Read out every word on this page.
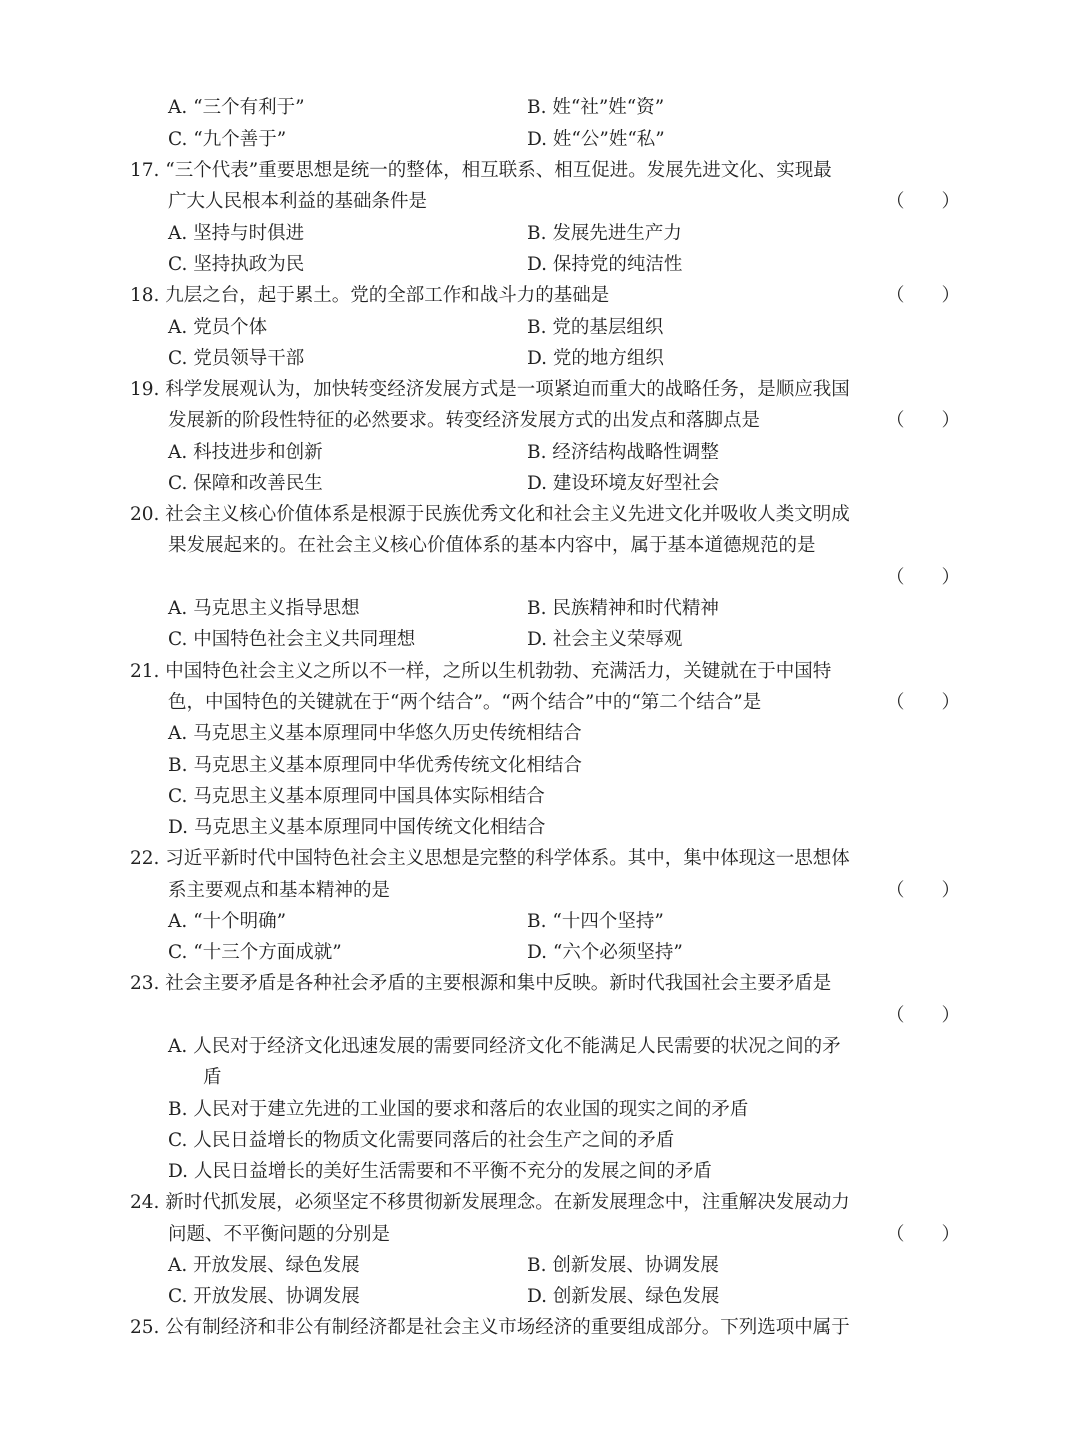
A. “三个有利于”	B. 姓“社”姓“资”
C. “九个善于”	D. 姓“公”姓“私”
17. “三个代表”重要思想是统一的整体，相互联系、相互促进。发展先进文化、实现最
广大人民根本利益的基础条件是	（　　）
A. 坚持与时俱进	B. 发展先进生产力
C. 坚持执政为民	D. 保持党的纯洁性
18. 九层之台，起于累土。党的全部工作和战斗力的基础是	（　　）
A. 党员个体	B. 党的基层组织
C. 党员领导干部	D. 党的地方组织
19. 科学发展观认为，加快转变经济发展方式是一项紧迫而重大的战略任务，是顺应我国
发展新的阶段性特征的必然要求。转变经济发展方式的出发点和落脚点是	（　　）
A. 科技进步和创新	B. 经济结构战略性调整
C. 保障和改善民生	D. 建设环境友好型社会
20. 社会主义核心价值体系是根源于民族优秀文化和社会主义先进文化并吸收人类文明成
果发展起来的。在社会主义核心价值体系的基本内容中，属于基本道德规范的是
（　　）
A. 马克思主义指导思想	B. 民族精神和时代精神
C. 中国特色社会主义共同理想	D. 社会主义荣辱观
21. 中国特色社会主义之所以不一样，之所以生机勃勃、充满活力，关键就在于中国特
色，中国特色的关键就在于“两个结合”。“两个结合”中的“第二个结合”是	（　　）
A. 马克思主义基本原理同中华悠久历史传统相结合
B. 马克思主义基本原理同中华优秀传统文化相结合
C. 马克思主义基本原理同中国具体实际相结合
D. 马克思主义基本原理同中国传统文化相结合
22. 习近平新时代中国特色社会主义思想是完整的科学体系。其中，集中体现这一思想体
系主要观点和基本精神的是	（　　）
A. “十个明确”	B. “十四个坚持”
C. “十三个方面成就”	D. “六个必须坚持”
23. 社会主要矛盾是各种社会矛盾的主要根源和集中反映。新时代我国社会主要矛盾是
（　　）
A. 人民对于经济文化迅速发展的需要同经济文化不能满足人民需要的状况之间的矛
盾
B. 人民对于建立先进的工业国的要求和落后的农业国的现实之间的矛盾
C. 人民日益增长的物质文化需要同落后的社会生产之间的矛盾
D. 人民日益增长的美好生活需要和不平衡不充分的发展之间的矛盾
24. 新时代抓发展，必须坚定不移贯彻新发展理念。在新发展理念中，注重解决发展动力
问题、不平衡问题的分别是	（　　）
A. 开放发展、绿色发展	B. 创新发展、协调发展
C. 开放发展、协调发展	D. 创新发展、绿色发展
25. 公有制经济和非公有制经济都是社会主义市场经济的重要组成部分。下列选项中属于
